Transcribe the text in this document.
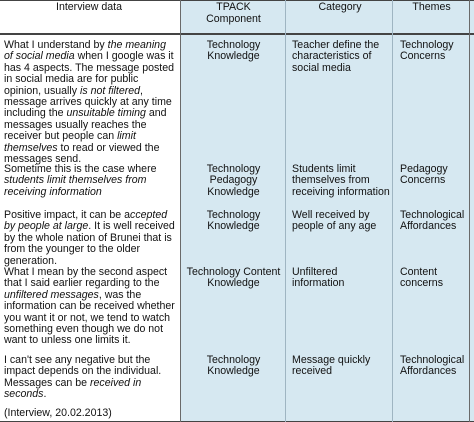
Interview data	TPACK
Component
Category	Themes
What I understand by the meaning of social media when I google was it has 4 aspects. The message posted in social media are for public opinion, usually is not filtered, message arrives quickly at any time including the unsuitable timing and messages usually reaches the receiver but people can limit themselves to read or viewed the messages send.
Technology Knowledge
Teacher define the characteristics of social media
Technology Concerns
Sometime this is the case where students limit themselves from receiving information
Technology Pedagogy Knowledge
Students limit themselves from receiving information
Pedagogy Concerns
Positive impact, it can be accepted by people at large. It is well received by the whole nation of Brunei that is from the younger to the older generation.
Technology Knowledge
Well received by people of any age
Technological Affordances
What I mean by the second aspect that I said earlier regarding to the unfiltered messages, was the information can be received whether you want it or not, we tend to watch something even though we do not want to unless one limits it.
Technology Content Knowledge
Unfiltered information
Content concerns
I can't see any negative but the impact depends on the individual. Messages can be received in seconds.
Technology Knowledge
Message quickly received
Technological Affordances
(Interview, 20.02.2013)
